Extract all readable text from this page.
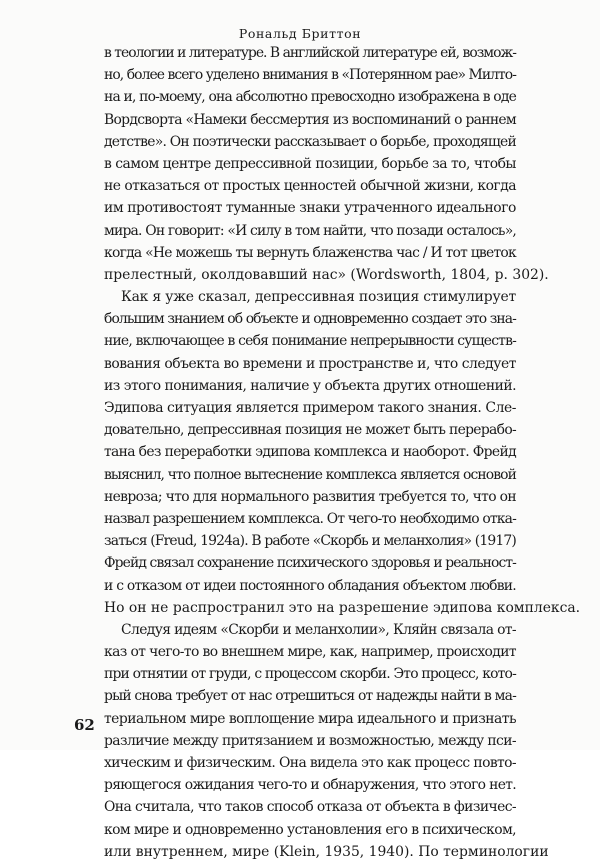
Рональд Бриттон
в теологии и литературе. В английской литературе ей, возмож-
но, более всего уделено внимания в «Потерянном рае» Милто-
на и, по-моему, она абсолютно превосходно изображена в оде
Вордсворта «Намеки бессмертия из воспоминаний о раннем
детстве». Он поэтически рассказывает о борьбе, проходящей
в самом центре депрессивной позиции, борьбе за то, чтобы
не отказаться от простых ценностей обычной жизни, когда
им противостоят туманные знаки утраченного идеального
мира. Он говорит: «И силу в том найти, что позади осталось»,
когда «Не можешь ты вернуть блаженства час / И тот цветок
прелестный, околдовавший нас» (Wordsworth, 1804, p. 302).
Как я уже сказал, депрессивная позиция стимулирует
большим знанием об объекте и одновременно создает это зна-
ние, включающее в себя понимание непрерывности существ-
вования объекта во времени и пространстве и, что следует
из этого понимания, наличие у объекта других отношений.
Эдипова ситуация является примером такого знания. Сле-
довательно, депрессивная позиция не может быть перерабо-
тана без переработки эдипова комплекса и наоборот. Фрейд
выяснил, что полное вытеснение комплекса является основой
невроза; что для нормального развития требуется то, что он
назвал разрешением комплекса. От чего-то необходимо отка-
заться (Freud, 1924a). В работе «Скорбь и меланхолия» (1917)
Фрейд связал сохранение психического здоровья и реальност-
и с отказом от идеи постоянного обладания объектом любви.
Но он не распространил это на разрешение эдипова комплекса.
Следуя идеям «Скорби и меланхолии», Кляйн связала от-
каз от чего-то во внешнем мире, как, например, происходит
при отнятии от груди, с процессом скорби. Это процесс, кото-
рый снова требует от нас отрешиться от надежды найти в ма-
териальном мире воплощение мира идеального и признать
различие между притязанием и возможностью, между пси-
хическим и физическим. Она видела это как процесс повто-
ряющегося ожидания чего-то и обнаружения, что этого нет.
Она считала, что таков способ отказа от объекта в физичес-
ком мире и одновременно установления его в психическом,
или внутреннем, мире (Klein, 1935, 1940). По терминологии
62
